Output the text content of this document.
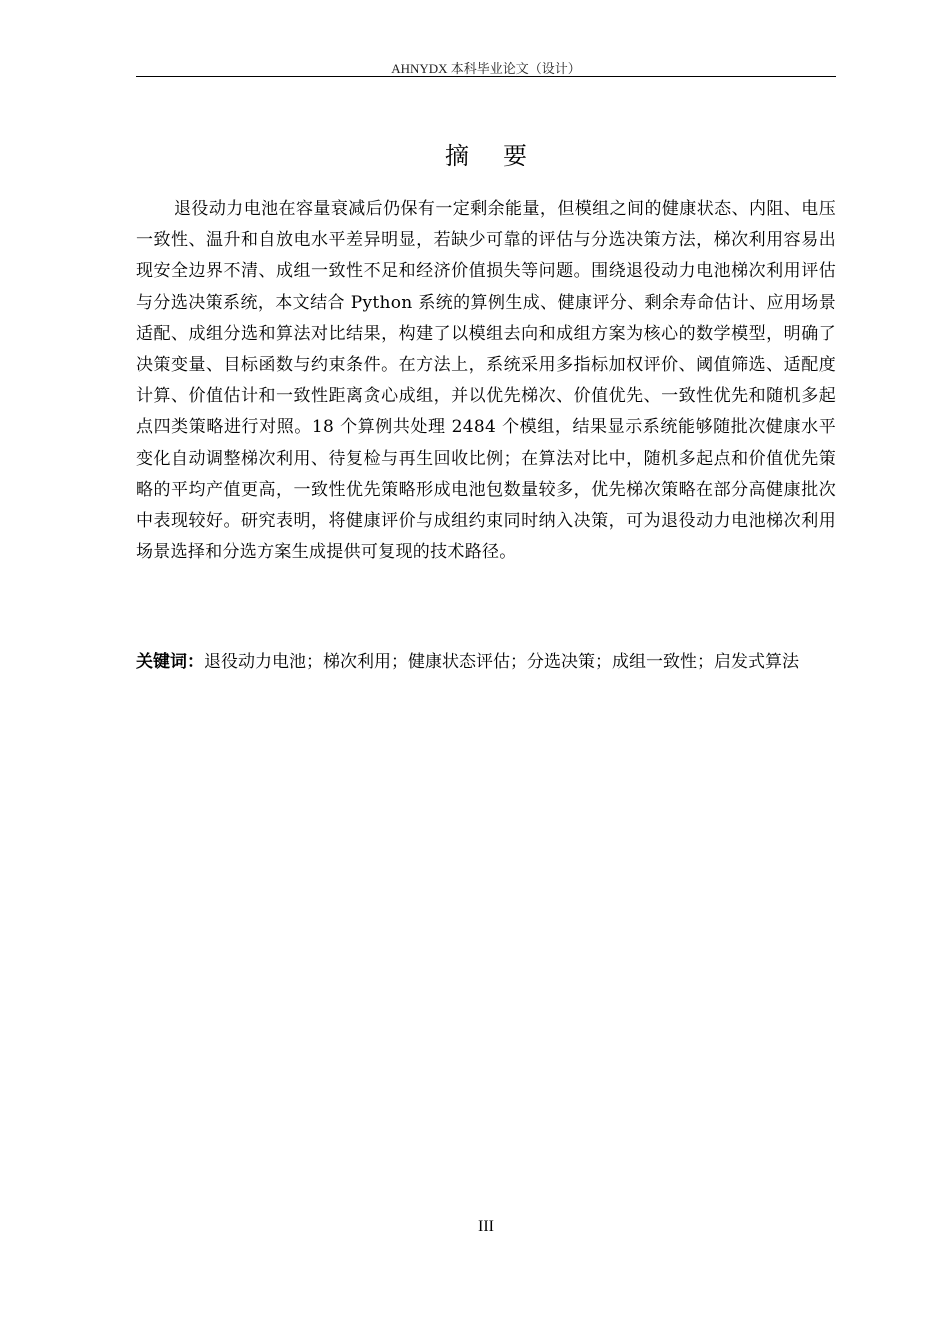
AHNYDX 本科毕业论文（设计）
摘要

退役动力电池在容量衰减后仍保有一定剩余能量，但模组之间的健康状态、内阻、电压一致性、温升和自放电水平差异明显，若缺少可靠的评估与分选决策方法，梯次利用容易出现安全边界不清、成组一致性不足和经济价值损失等问题。围绕退役动力电池梯次利用评估与分选决策系统，本文结合 Python 系统的算例生成、健康评分、剩余寿命估计、应用场景适配、成组分选和算法对比结果，构建了以模组去向和成组方案为核心的数学模型，明确了决策变量、目标函数与约束条件。在方法上，系统采用多指标加权评价、阈值筛选、适配度计算、价值估计和一致性距离贪心成组，并以优先梯次、价值优先、一致性优先和随机多起点四类策略进行对照。18 个算例共处理 2484 个模组，结果显示系统能够随批次健康水平变化自动调整梯次利用、待复检与再生回收比例；在算法对比中，随机多起点和价值优先策略的平均产值更高，一致性优先策略形成电池包数量较多，优先梯次策略在部分高健康批次中表现较好。研究表明，将健康评价与成组约束同时纳入决策，可为退役动力电池梯次利用场景选择和分选方案生成提供可复现的技术路径。

关键词：退役动力电池；梯次利用；健康状态评估；分选决策；成组一致性；启发式算法
III
